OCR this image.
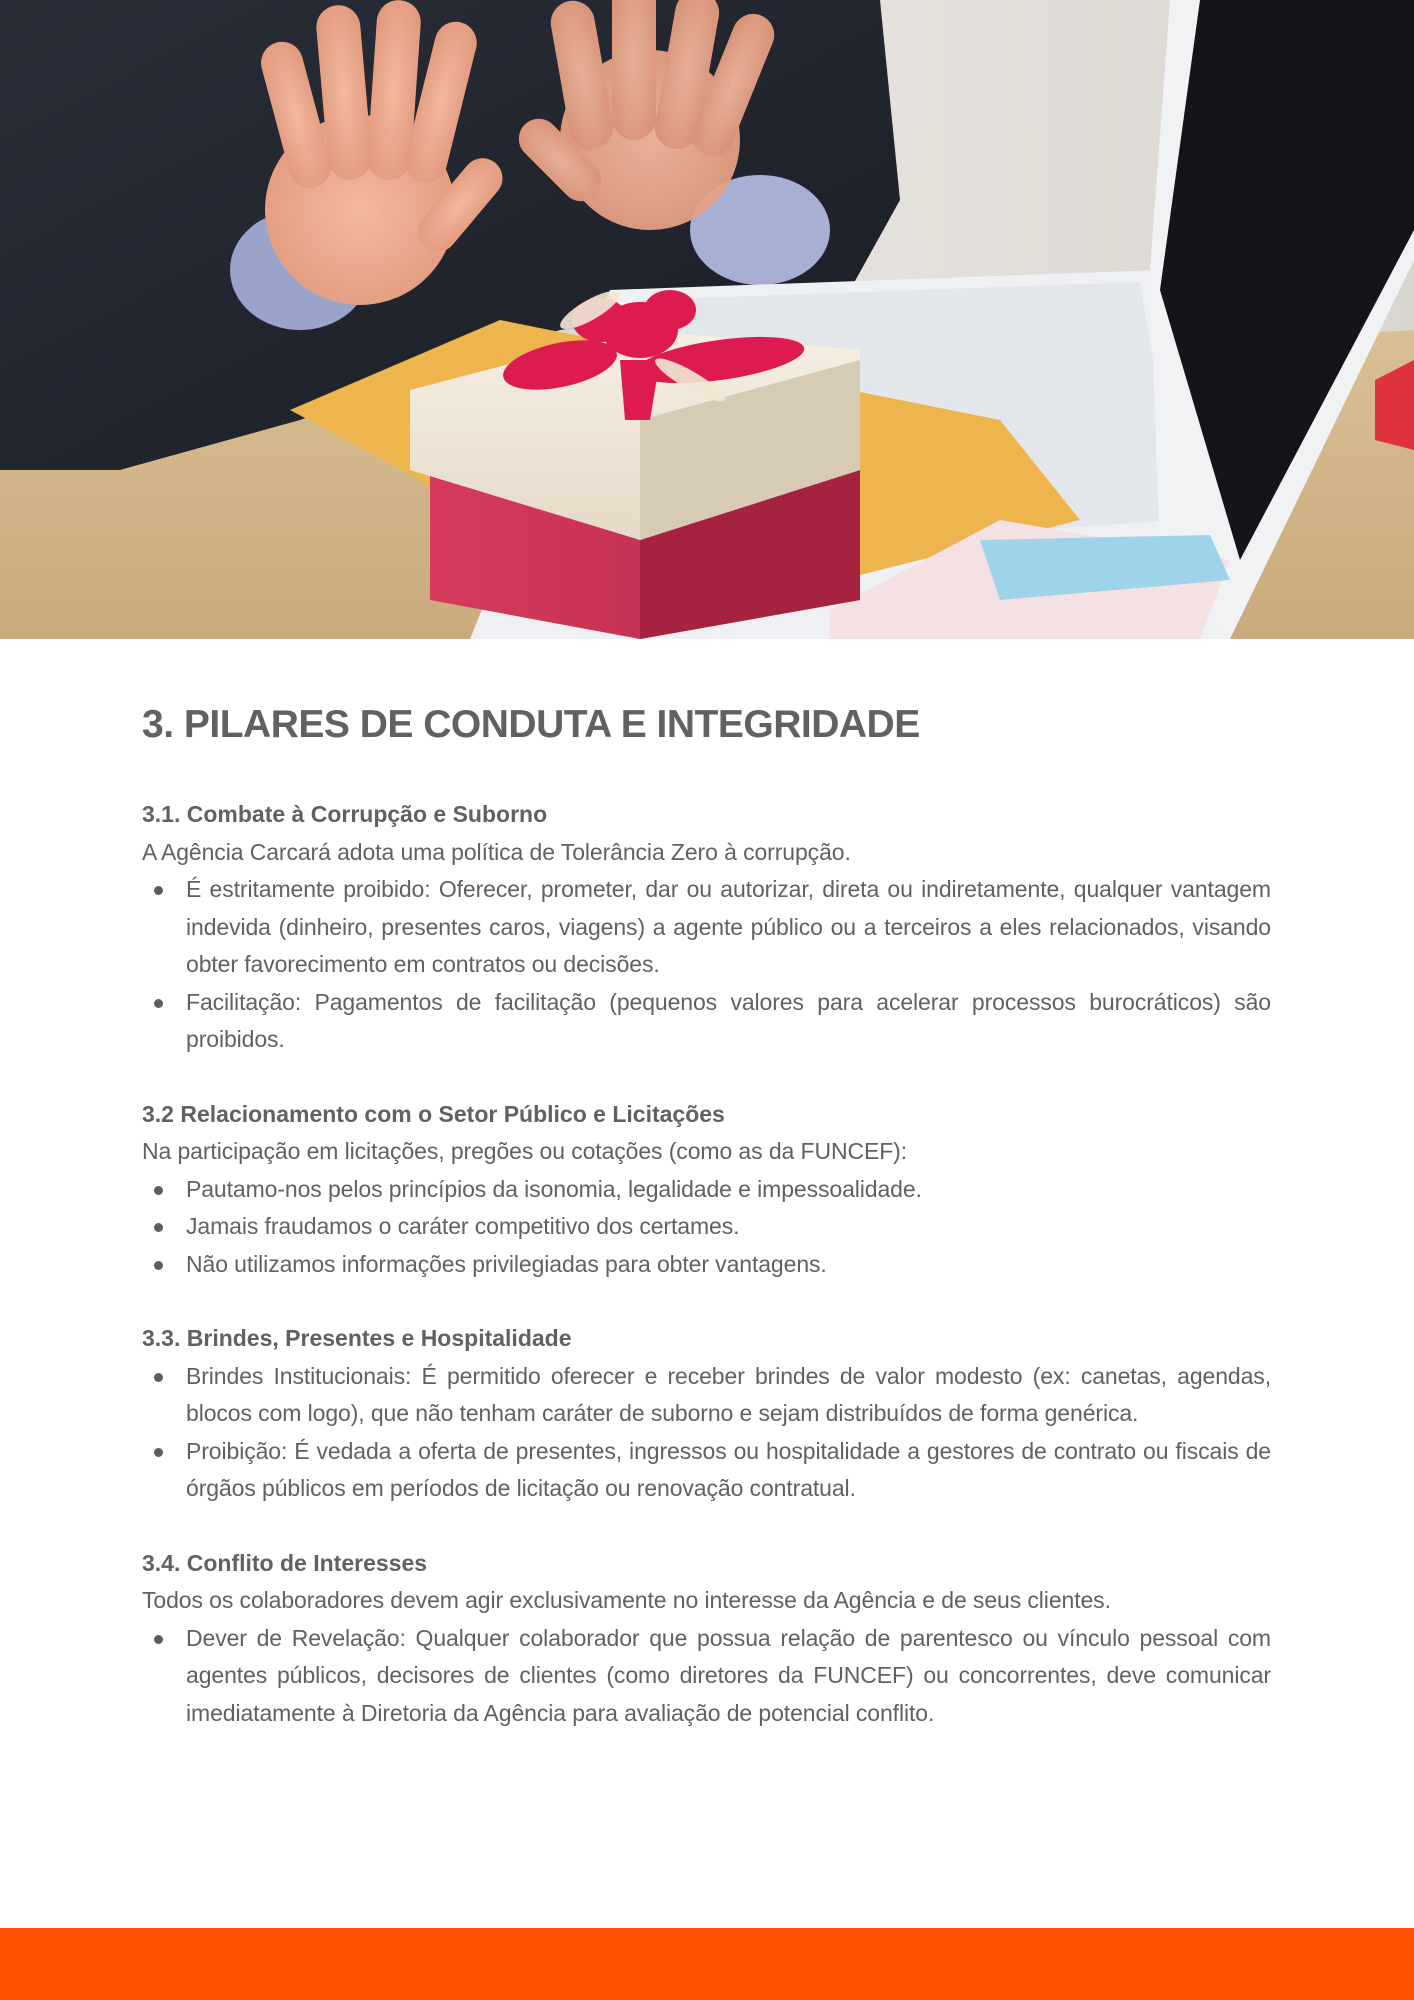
3. PILARES DE CONDUTA E INTEGRIDADE
3.1. Combate à Corrupção e Suborno

A Agência Carcará adota uma política de Tolerância Zero à corrupção.

É estritamente proibido: Oferecer, prometer, dar ou autorizar, direta ou indiretamente, qualquer vantagem indevida (dinheiro, presentes caros, viagens) a agente público ou a terceiros a eles relacionados, visando obter favorecimento em contratos ou decisões.
Facilitação: Pagamentos de facilitação (pequenos valores para acelerar processos burocráticos) são proibidos.
3.2 Relacionamento com o Setor Público e Licitações

Na participação em licitações, pregões ou cotações (como as da FUNCEF):

Pautamo-nos pelos princípios da isonomia, legalidade e impessoalidade.
Jamais fraudamos o caráter competitivo dos certames.
Não utilizamos informações privilegiadas para obter vantagens.
3.3. Brindes, Presentes e Hospitalidade
Brindes Institucionais: É permitido oferecer e receber brindes de valor modesto (ex: canetas, agendas, blocos com logo), que não tenham caráter de suborno e sejam distribuídos de forma genérica.
Proibição: É vedada a oferta de presentes, ingressos ou hospitalidade a gestores de contrato ou fiscais de órgãos públicos em períodos de licitação ou renovação contratual.
3.4. Conflito de Interesses

Todos os colaboradores devem agir exclusivamente no interesse da Agência e de seus clientes.

Dever de Revelação: Qualquer colaborador que possua relação de parentesco ou vínculo pessoal com agentes públicos, decisores de clientes (como diretores da FUNCEF) ou concorrentes, deve comunicar imediatamente à Diretoria da Agência para avaliação de potencial conflito.
